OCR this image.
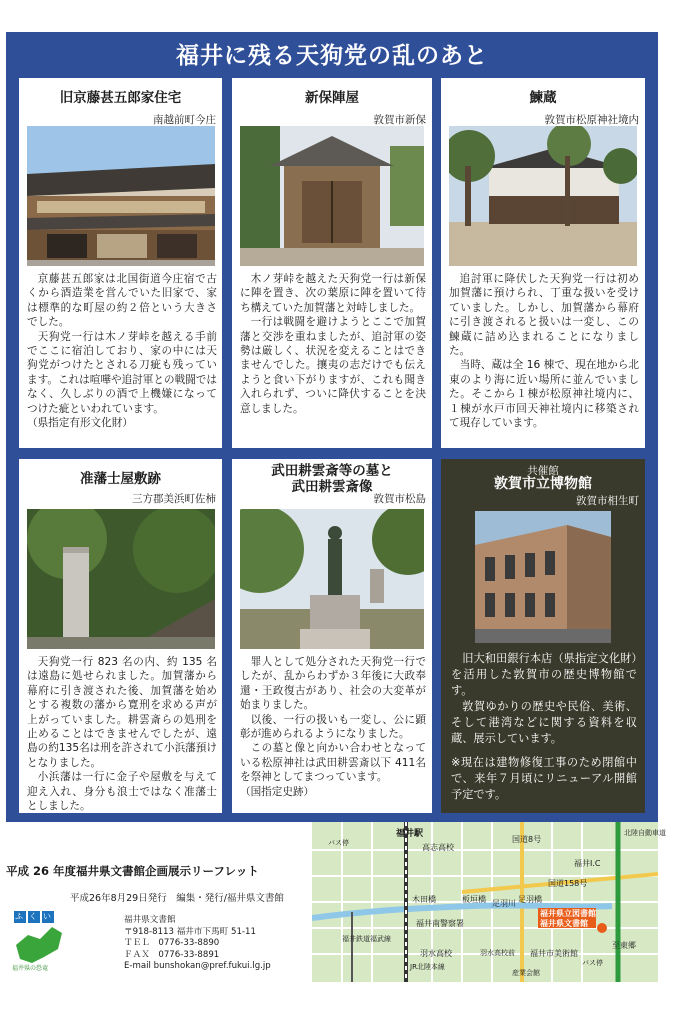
福井に残る天狗党の乱のあと
旧京藤甚五郎家住宅
南越前町今庄

京藤甚五郎家は北国街道今庄宿で古くから酒造業を営んでいた旧家で、家は標準的な町屋の約２倍という大きさでした。

天狗党一行は木ノ芽峠を越える手前でここに宿泊しており、家の中には天狗党がつけたとされる刀疵も残っています。これは喧嘩や追討軍との戦闘ではなく、久しぶりの酒で上機嫌になってつけた疵といわれています。

（県指定有形文化財）

新保陣屋
敦賀市新保

木ノ芽峠を越えた天狗党一行は新保に陣を置き、次の葉原に陣を置いて待ち構えていた加賀藩と対峙しました。

一行は戦闘を避けようとここで加賀藩と交渉を重ねましたが、追討軍の姿勢は厳しく、状況を変えることはできませんでした。攘夷の志だけでも伝えようと食い下がりますが、これも聞き入れられず、ついに降伏することを決意しました。

鰊蔵
敦賀市松原神社境内

追討軍に降伏した天狗党一行は初め加賀藩に預けられ、丁重な扱いを受けていました。しかし、加賀藩から幕府に引き渡されると扱いは一変し、この鰊蔵に詰め込まれることになりました。

当時、蔵は全 16 棟で、現在地から北東のより海に近い場所に並んでいました。そこから１棟が松原神社境内に、１棟が水戸市回天神社境内に移築されて現存しています。

准藩士屋敷跡
三方郡美浜町佐柿

天狗党一行 823 名の内、約 135 名は遠島に処せられました。加賀藩から幕府に引き渡された後、加賀藩を始めとする複数の藩から寛刑を求める声が上がっていました。耕雲斎らの処刑を止めることはできませんでしたが、遠島の約135名は刑を許されて小浜藩預けとなりました。

小浜藩は一行に金子や屋敷を与えて迎え入れ、身分も浪士ではなく准藩士としました。

武田耕雲斎等の墓と
武田耕雲斎像
敦賀市松島

罪人として処分された天狗党一行でしたが、乱からわずか３年後に大政奉還・王政復古があり、社会の大変革が始まりました。

以後、一行の扱いも一変し、公に顕彰が進められるようになりました。

この墓と像と向かい合わせとなっている松原神社は武田耕雲斎以下 411名を祭神としてまつっています。

（国指定史跡）

共催館
敦賀市立博物館
敦賀市相生町

旧大和田銀行本店（県指定文化財）を活用した敦賀市の歴史博物館です。

敦賀ゆかりの歴史や民俗、美術、そして港湾などに関する資料を収蔵、展示しています。

※現在は建物修復工事のため閉館中で、来年７月頃にリニューアル開館予定です。

平成 26 年度福井県文書館企画展示リーフレット
平成26年8月29日発行　編集・発行/福井県文書館
ふくい
福井県の恐竜
福井県文書館
〒918-8113 福井市下馬町 51-11
ＴＥＬ　0776-33-8890
ＦＡＸ　0776-33-8891
E-mail bunshokan@pref.fukui.lg.jp
福井駅
高志高校
国道8号
福井I.C
国道158号
北陸自動車道
木田橋	板垣橋 足羽川 足羽橋
福井県立図書館
福井県文書館
福井南警察署
福井鉄道福武線
羽水高校	羽水高校前 福井市美術館
至東郷
産業会館
バス停
バス停
JR北陸本線
